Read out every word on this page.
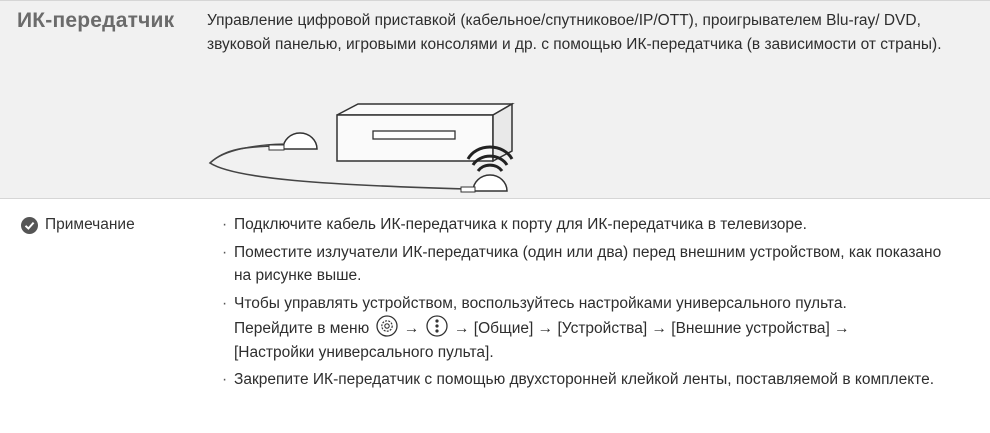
ИК-передатчик Управление цифровой приставкой (кабельное/спутниковое/IP/OTT), проигрывателем Blu-ray/ DVD, звуковой панелью, игровыми консолями и др. с помощью ИК-передатчика (в зависимости от страны).
Примечание
·	Подключите кабель ИК-передатчика к порту для ИК-передатчика в телевизоре.
· Поместите излучатели ИК-передатчика (один или два) перед внешним устройством, как показано на рисунке выше.
· Чтобы управлять устройством, воспользуйтесь настройками универсального пульта.
Перейдите в меню → → [Общие] → [Устройства] → [Внешние устройства] →
[Настройки универсального пульта].
· Закрепите ИК-передатчик с помощью двухсторонней клейкой ленты, поставляемой в комплекте.
